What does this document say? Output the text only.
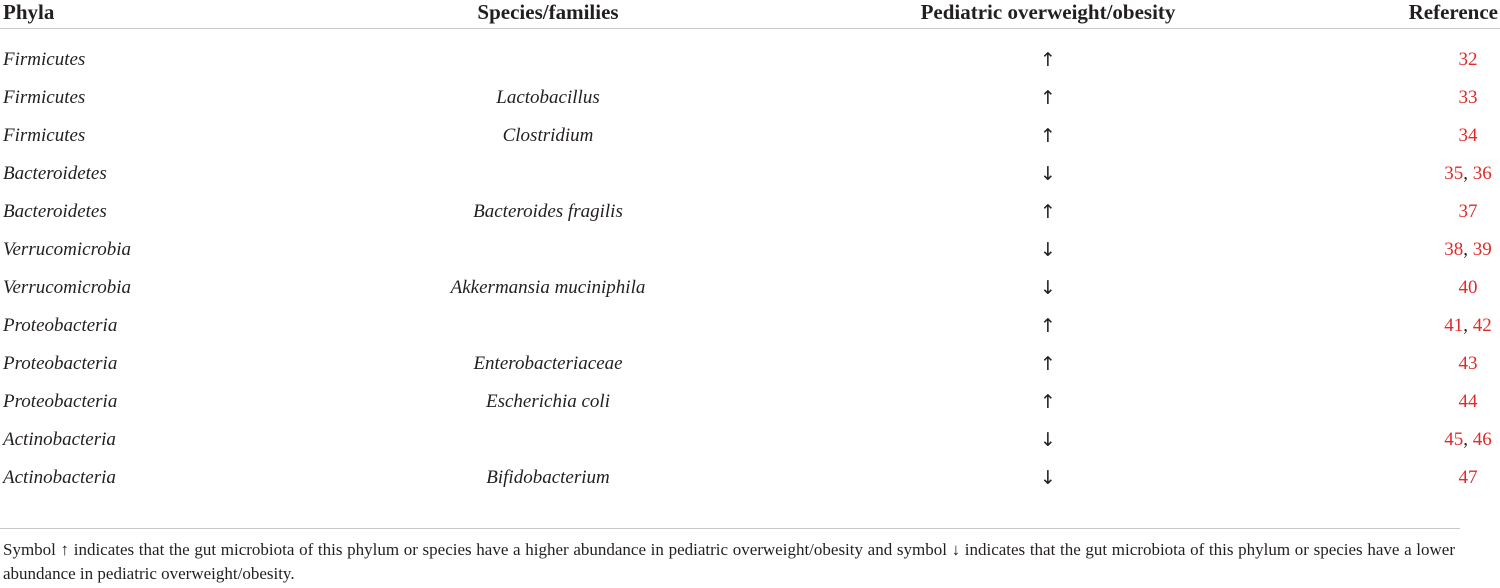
Phyla	Species/families	Pediatric overweight/obesity	Reference
Firmicutes		↑	32
Firmicutes	Lactobacillus	↑	33
Firmicutes	Clostridium	↑	34
Bacteroidetes		↓	35, 36
Bacteroidetes	Bacteroides fragilis	↑	37
Verrucomicrobia		↓	38, 39
Verrucomicrobia	Akkermansia muciniphila	↓	40
Proteobacteria		↑	41, 42
Proteobacteria	Enterobacteriaceae	↑	43
Proteobacteria	Escherichia coli	↑	44
Actinobacteria		↓	45, 46
Actinobacteria	Bifidobacterium	↓	47
Symbol ↑ indicates that the gut microbiota of this phylum or species have a higher abundance in pediatric overweight/obesity and symbol ↓ indicates that the gut microbiota of this phylum or species have a lower abundance in pediatric overweight/obesity.
